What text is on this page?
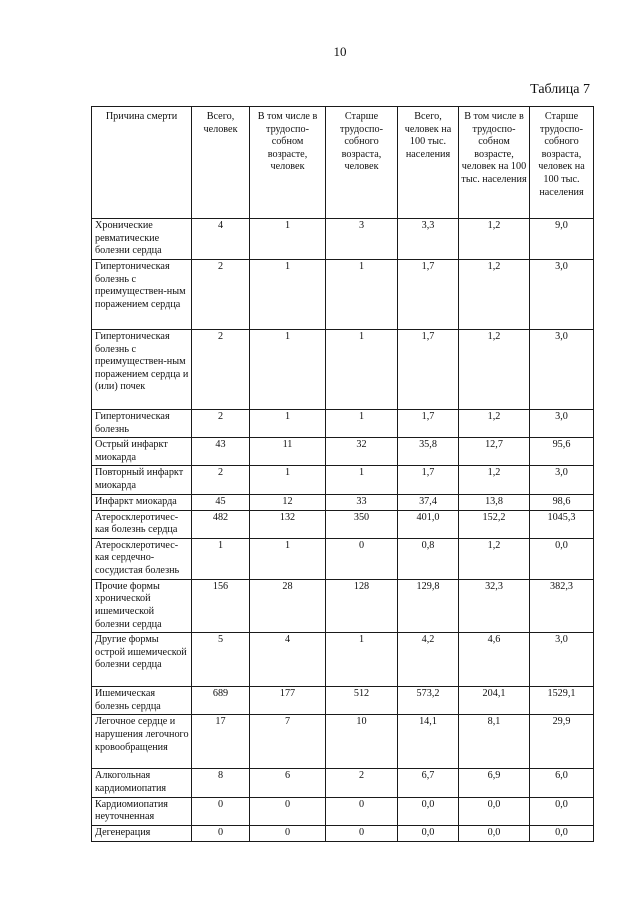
10
Таблица 7
Причина смерти	Всего, человек	В том числе в трудоспо-собном возрасте, человек	Старше трудоспо-собного возраста, человек	Всего, человек на 100 тыс. населения	В том числе в трудоспо-собном возрасте, человек на 100 тыс. населения	Старше трудоспо-собного возраста, человек на 100 тыс. населения
Хронические ревматические болезни сердца	4	1	3	3,3	1,2	9,0
Гипертоническая болезнь с преимуществен-ным поражением сердца	2	1	1	1,7	1,2	3,0
Гипертоническая болезнь с преимуществен-ным поражением сердца и (или) почек	2	1	1	1,7	1,2	3,0
Гипертоническая болезнь	2	1	1	1,7	1,2	3,0
Острый инфаркт миокарда	43	11	32	35,8	12,7	95,6
Повторный инфаркт миокарда	2	1	1	1,7	1,2	3,0
Инфаркт миокарда	45	12	33	37,4	13,8	98,6
Атеросклеротичес-кая болезнь сердца	482	132	350	401,0	152,2	1045,3
Атеросклеротичес-кая сердечно-сосудистая болезнь	1	1	0	0,8	1,2	0,0
Прочие формы хронической ишемической болезни сердца	156	28	128	129,8	32,3	382,3
Другие формы острой ишемической болезни сердца	5	4	1	4,2	4,6	3,0
Ишемическая болезнь сердца	689	177	512	573,2	204,1	1529,1
Легочное сердце и нарушения легочного кровообращения	17	7	10	14,1	8,1	29,9
Алкогольная кардиомиопатия	8	6	2	6,7	6,9	6,0
Кардиомиопатия неуточненная	0	0	0	0,0	0,0	0,0
Дегенерация	0	0	0	0,0	0,0	0,0
